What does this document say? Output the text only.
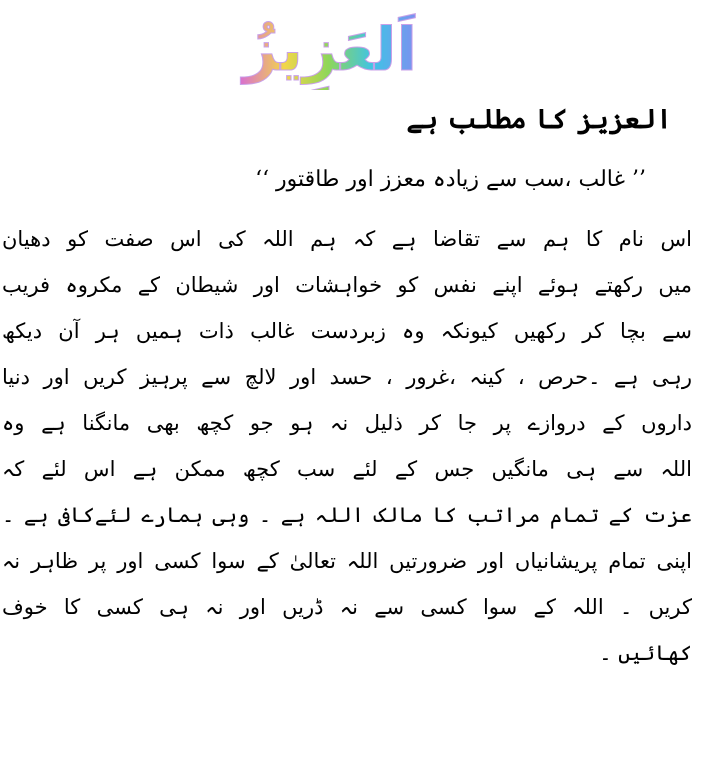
اَلعَزِیزُ
العزیز کا مطلب ہے
’’ غالب ،سب سے زیادہ معزز اور طاقتور ‘‘
اس نام کا ہم سے تقاضا ہے کہ ہم اللہ کی اس صفت کو دھیان
میں رکھتے ہوئے اپنے نفس کو خواہشات اور شیطان کے مکروہ فریب
سے بچا کر رکھیں کیونکہ وہ زبردست غالب ذات ہمیں ہر آن دیکھ
رہی ہے ۔حرص ، کینہ ،غرور ، حسد اور لالچ سے پرہیز کریں اور دنیا
داروں کے دروازے پر جا کر ذلیل نہ ہو جو کچھ بھی مانگنا ہے وہ
اللہ سے ہی مانگیں جس کے لئے سب کچھ ممکن ہے اس لئے کہ
عزت کے تمام مراتب کا مالک اللہ ہے ۔ وہی ہمارے لئےکافی ہے ۔
اپنی تمام پریشانیاں اور ضرورتیں اللہ تعالیٰ کے سوا کسی اور پر ظاہر نہ
کریں ۔ اللہ کے سوا کسی سے نہ ڈریں اور نہ ہی کسی کا خوف
کھائیں ۔
